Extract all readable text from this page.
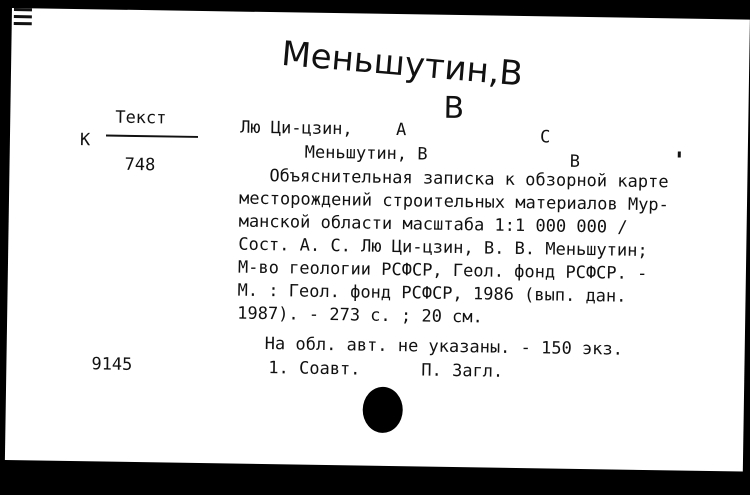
Меньшутин,В
В
Текст
К
748
9145
Лю Ци-цзин,	А	С
Меньшутин, В	В
Объяснительная записка к обзорной карте
месторождений строительных материалов Мур-
манской области масштаба 1:1 000 000 /
Сост. А. С. Лю Ци-цзин, В. В. Меньшутин;
М-во геологии РСФСР, Геол. фонд РСФСР. -
М. : Геол. фонд РСФСР, 1986 (вып. дан.
1987). - 273 с. ; 20 см.
На обл. авт. не указаны. - 150 экз.
1. Соавт.	П. Загл.
